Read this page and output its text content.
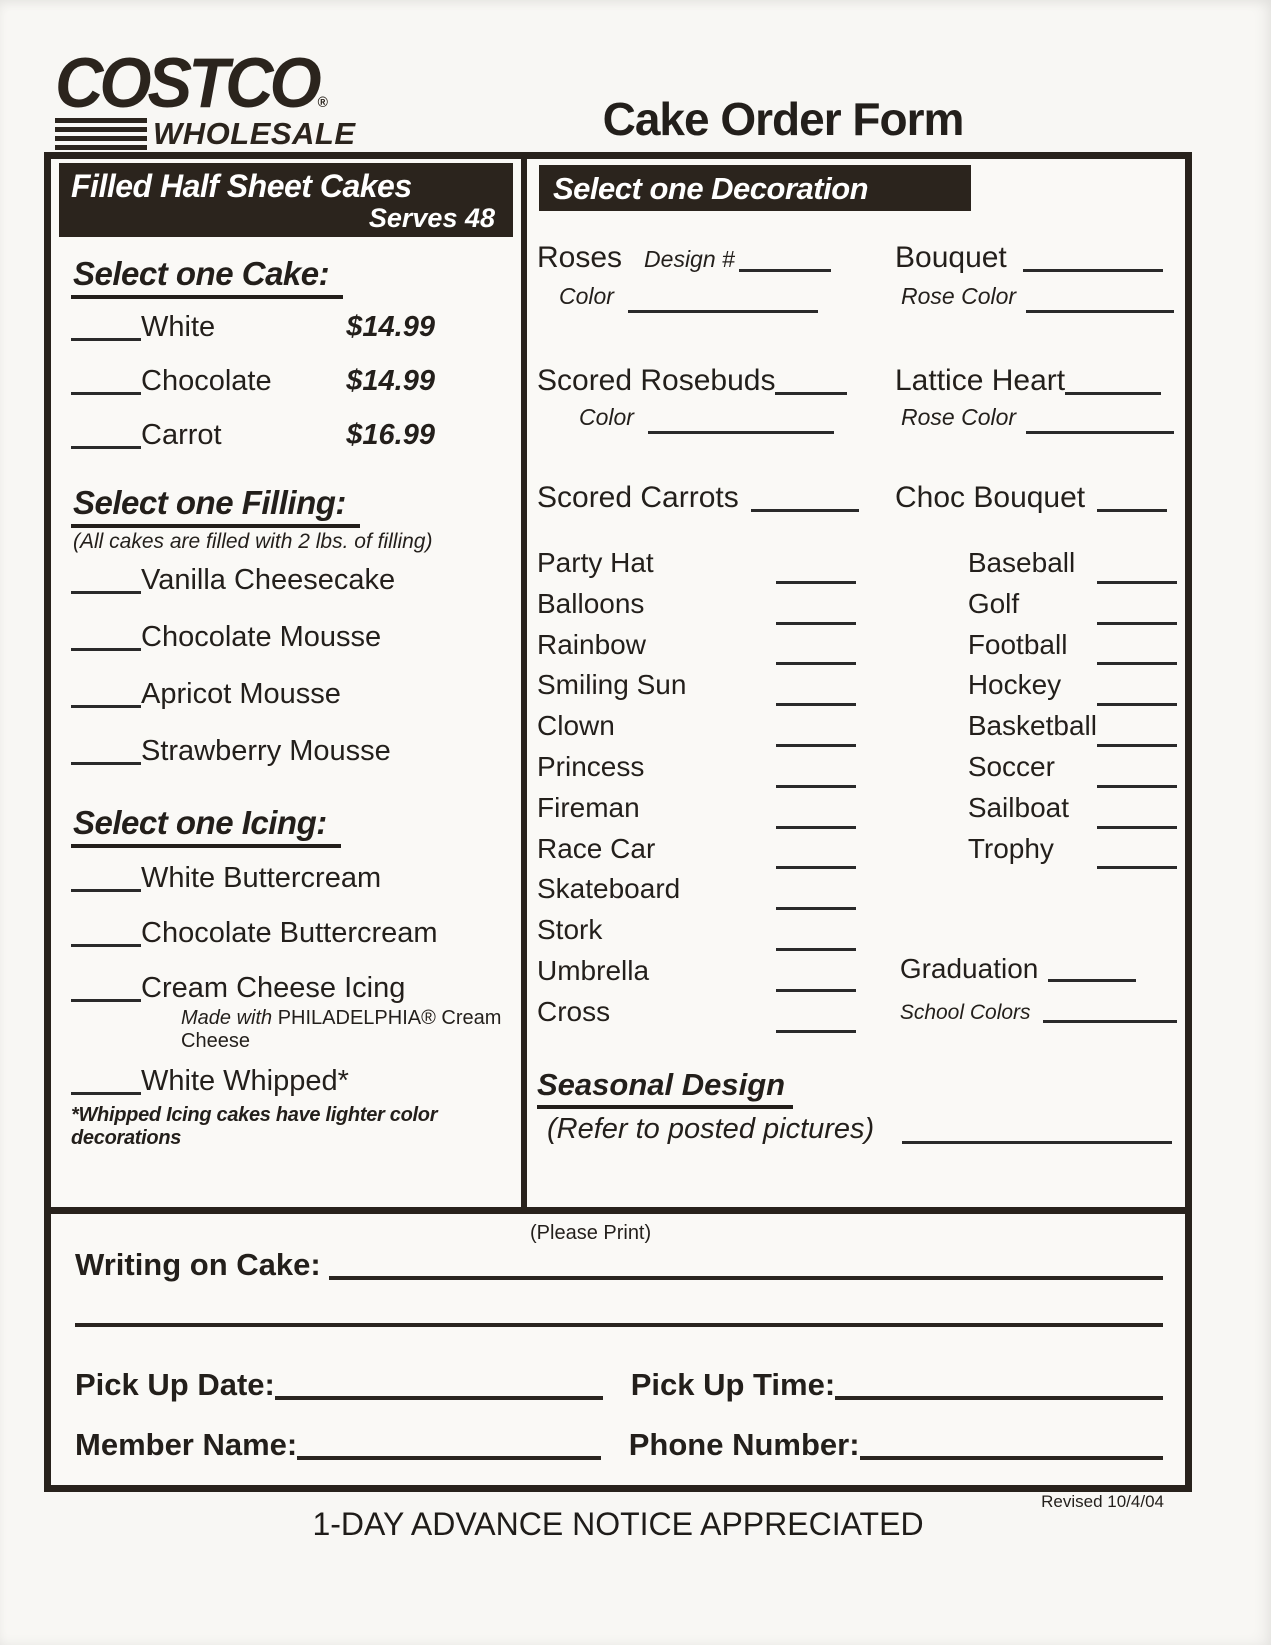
COSTCO®
WHOLESALE	Cake Order Form
Filled Half Sheet Cakes
Serves 48
Select one Cake:
White	$14.99
Chocolate	$14.99
Carrot	$16.99
Select one Filling:
(All cakes are filled with 2 lbs. of filling)
Vanilla Cheesecake
Chocolate Mousse
Apricot Mousse
Strawberry Mousse
Select one Icing:
White Buttercream
Chocolate Buttercream
Cream Cheese Icing
Made with PHILADELPHIA® Cream Cheese
White Whipped*
*Whipped Icing cakes have lighter color decorations
Select one Decoration
Roses Design #	Bouquet
Color	Rose Color
Scored Rosebuds	Lattice Heart
Color	Rose Color
Scored Carrots	Choc Bouquet
Party Hat
Balloons
Rainbow
Smiling Sun
Clown
Princess
Fireman
Race Car
Skateboard
Stork
Umbrella
Cross
Baseball
Golf
Football
Hockey
Basketball
Soccer
Sailboat
Trophy
Graduation
School Colors
Seasonal Design
(Refer to posted pictures)
(Please Print)
Writing on Cake:
Pick Up Date:	Pick Up Time:
Member Name:	Phone Number:
Revised 10/4/04
1-DAY ADVANCE NOTICE APPRECIATED
